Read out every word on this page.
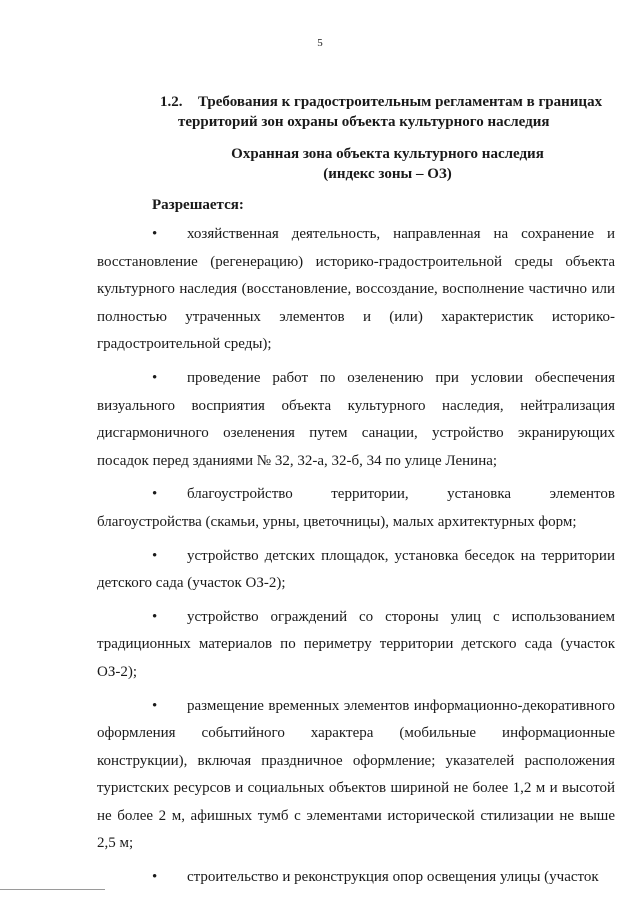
5
1.2. Требования к градостроительным регламентам в границах
территорий зон охраны объекта культурного наследия
Охранная зона объекта культурного наследия
(индекс зоны – ОЗ)
Разрешается:
• хозяйственная деятельность, направленная на сохранение и восстановление (регенерацию) историко-градостроительной среды объекта культурного наследия (восстановление, воссоздание, восполнение частично или полностью утраченных элементов и (или) характеристик историко-градостроительной среды);
• проведение работ по озеленению при условии обеспечения визуального восприятия объекта культурного наследия, нейтрализация дисгармоничного озеленения путем санации, устройство экранирующих посадок перед зданиями № 32, 32-а, 32-б, 34 по улице Ленина;
• благоустройство территории, установка элементов благоустройства (скамьи, урны, цветочницы), малых архитектурных форм;
• устройство детских площадок, установка беседок на территории детского сада (участок ОЗ-2);
• устройство ограждений со стороны улиц с использованием традиционных материалов по периметру территории детского сада (участок ОЗ-2);
• размещение временных элементов информационно-декоративного оформления событийного характера (мобильные информационные конструкции), включая праздничное оформление; указателей расположения туристских ресурсов и социальных объектов шириной не более 1,2 м и высотой не более 2 м, афишных тумб с элементами исторической стилизации не выше 2,5 м;
• строительство и реконструкция опор освещения улицы (участок
